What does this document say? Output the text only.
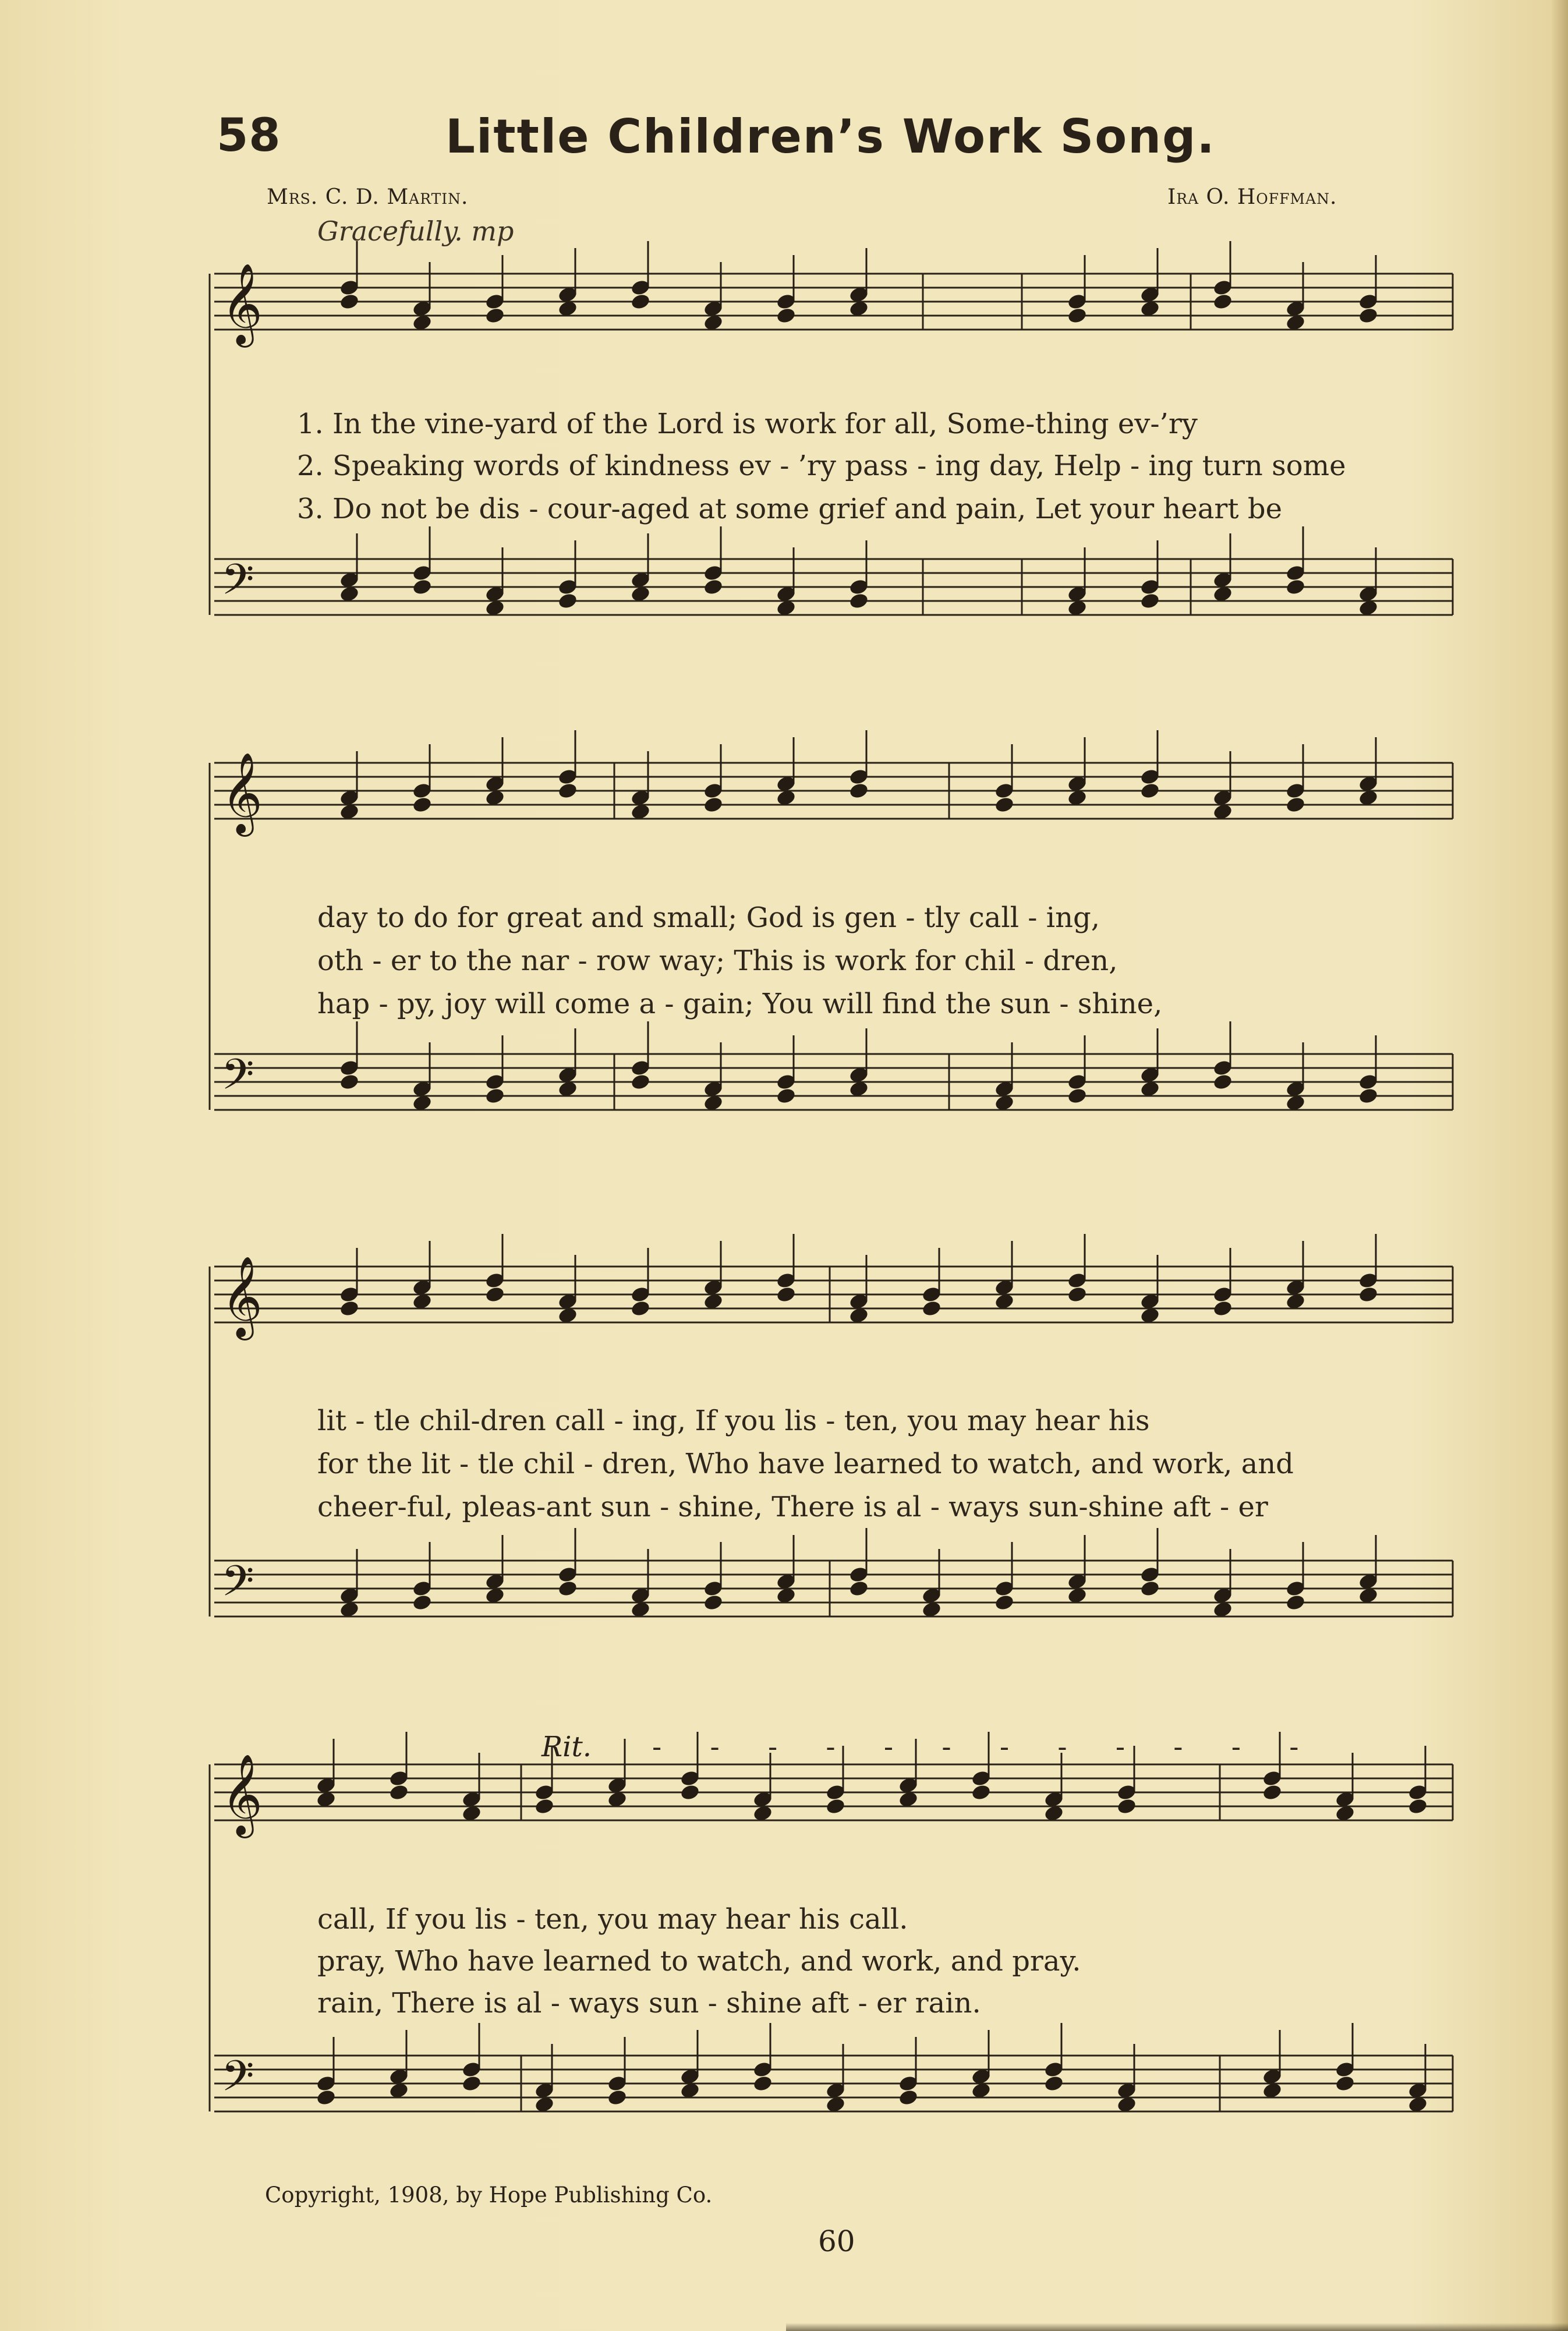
58	Little Children’s Work Song.
Mrs. C. D. Martin.	Ira O. Hoffman.
Gracefully. mp
𝄞
𝄢
𝄞
𝄢
𝄞
𝄢
𝄞
𝄢
1. In the vine-yard of the Lord is work for all, Some-thing ev-’ry
2. Speaking words of kindness ev - ’ry pass - ing day, Help - ing turn some
3. Do not be dis - cour-aged at some grief and pain, Let your heart be
day to do for great and small; God is gen - tly call - ing,
oth - er to the nar - row way; This is work for chil - dren,
hap - py, joy will come a - gain; You will find the sun - shine,
lit - tle chil-dren call - ing, If you lis - ten, you may hear his
for the lit - tle chil - dren, Who have learned to watch, and work, and
cheer-ful, pleas-ant sun - shine, There is al - ways sun-shine aft - er
Rit. - - - - - - - - - - - -
call, If you lis - ten, you may hear his call.
pray, Who have learned to watch, and work, and pray.
rain, There is al - ways sun - shine aft - er rain.
Copyright, 1908, by Hope Publishing Co.
60
